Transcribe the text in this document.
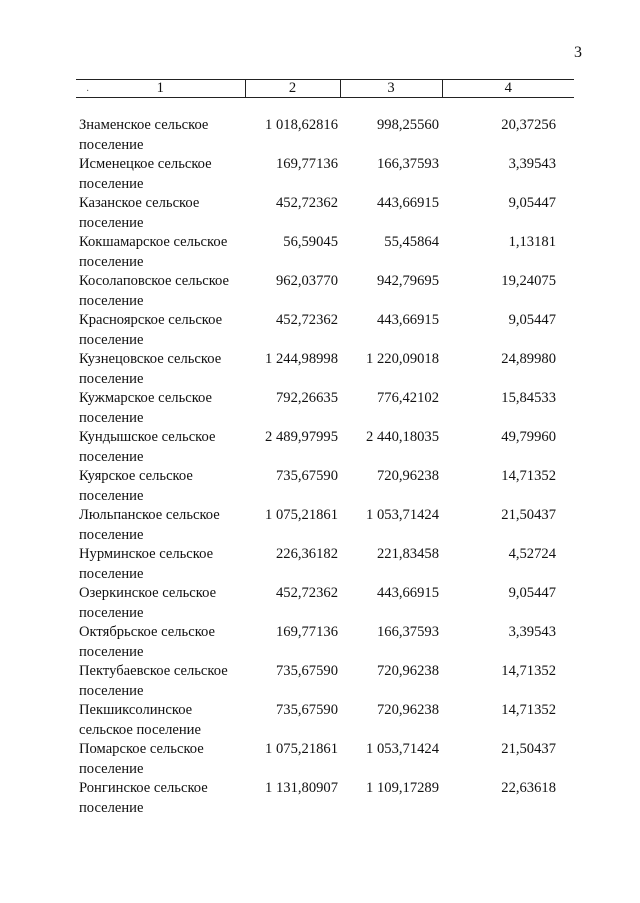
3
· 1	2	3	4

Знаменское сельское
поселение	1 018,62816	998,25560	20,37256

Исменецкое сельское
поселение	169,77136	166,37593	3,39543

Казанское сельское
поселение	452,72362	443,66915	9,05447

Кокшамарское сельское
поселение	56,59045	55,45864	1,13181

Косолаповское сельское
поселение	962,03770	942,79695	19,24075

Красноярское сельское
поселение	452,72362	443,66915	9,05447

Кузнецовское сельское
поселение	1 244,98998	1 220,09018	24,89980

Кужмарское сельское
поселение	792,26635	776,42102	15,84533

Кундышское сельское
поселение	2 489,97995	2 440,18035	49,79960

Куярское сельское
поселение	735,67590	720,96238	14,71352

Люльпанское сельское
поселение	1 075,21861	1 053,71424	21,50437

Нурминское сельское
поселение	226,36182	221,83458	4,52724

Озеркинское сельское
поселение	452,72362	443,66915	9,05447

Октябрьское сельское
поселение	169,77136	166,37593	3,39543

Пектубаевское сельское
поселение	735,67590	720,96238	14,71352

Пекшиксолинское
сельское поселение	735,67590	720,96238	14,71352

Помарское сельское
поселение	1 075,21861	1 053,71424	21,50437

Ронгинское сельское
поселение	1 131,80907	1 109,17289	22,63618
